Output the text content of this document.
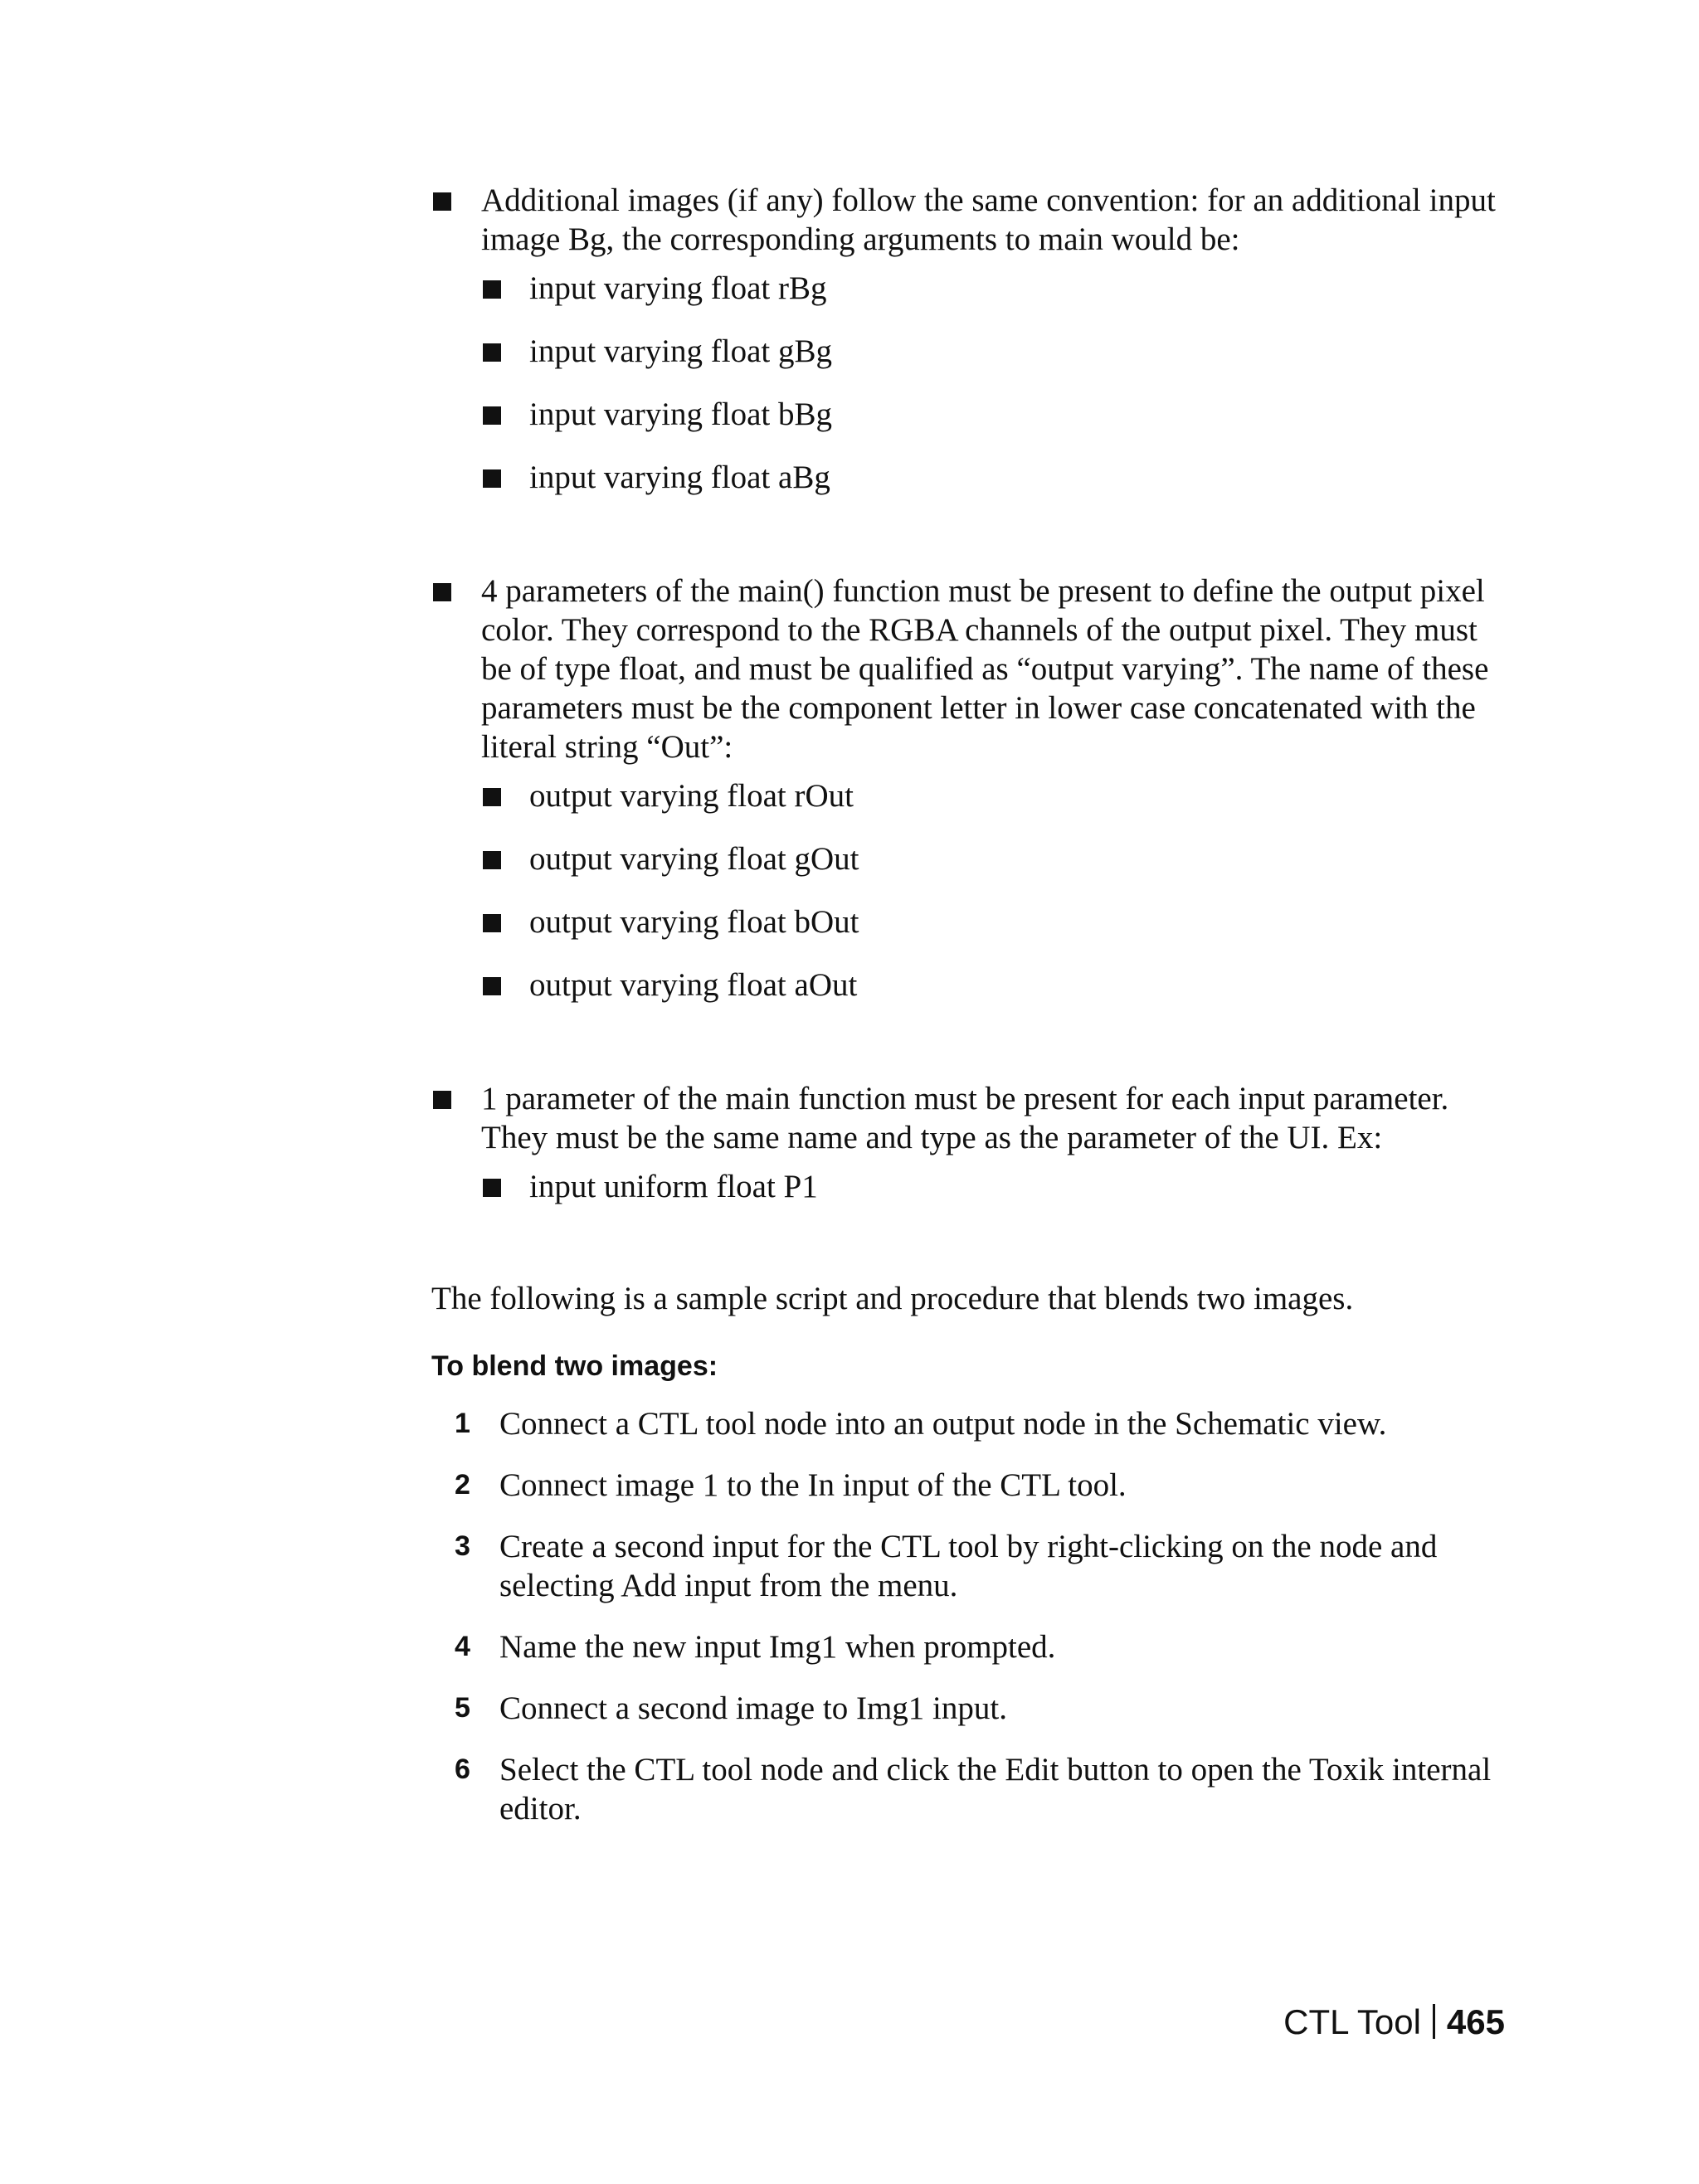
Additional images (if any) follow the same convention: for an additional input image Bg, the corresponding arguments to main would be:
input varying float rBg
input varying float gBg
input varying float bBg
input varying float aBg
4 parameters of the main() function must be present to define the output pixel color. They correspond to the RGBA channels of the output pixel. They must be of type float, and must be qualified as “output varying”. The name of these parameters must be the component letter in lower case concatenated with the literal string “Out”:
output varying float rOut
output varying float gOut
output varying float bOut
output varying float aOut
1 parameter of the main function must be present for each input parameter. They must be the same name and type as the parameter of the UI. Ex:
input uniform float P1

The following is a sample script and procedure that blends two images.

To blend two images:
1 Connect a CTL tool node into an output node in the Schematic view.
2 Connect image 1 to the In input of the CTL tool.
3 Create a second input for the CTL tool by right-clicking on the node and selecting Add input from the menu.
4 Name the new input Img1 when prompted.
5 Connect a second image to Img1 input.
6 Select the CTL tool node and click the Edit button to open the Toxik internal editor.
CTL Tool 465
